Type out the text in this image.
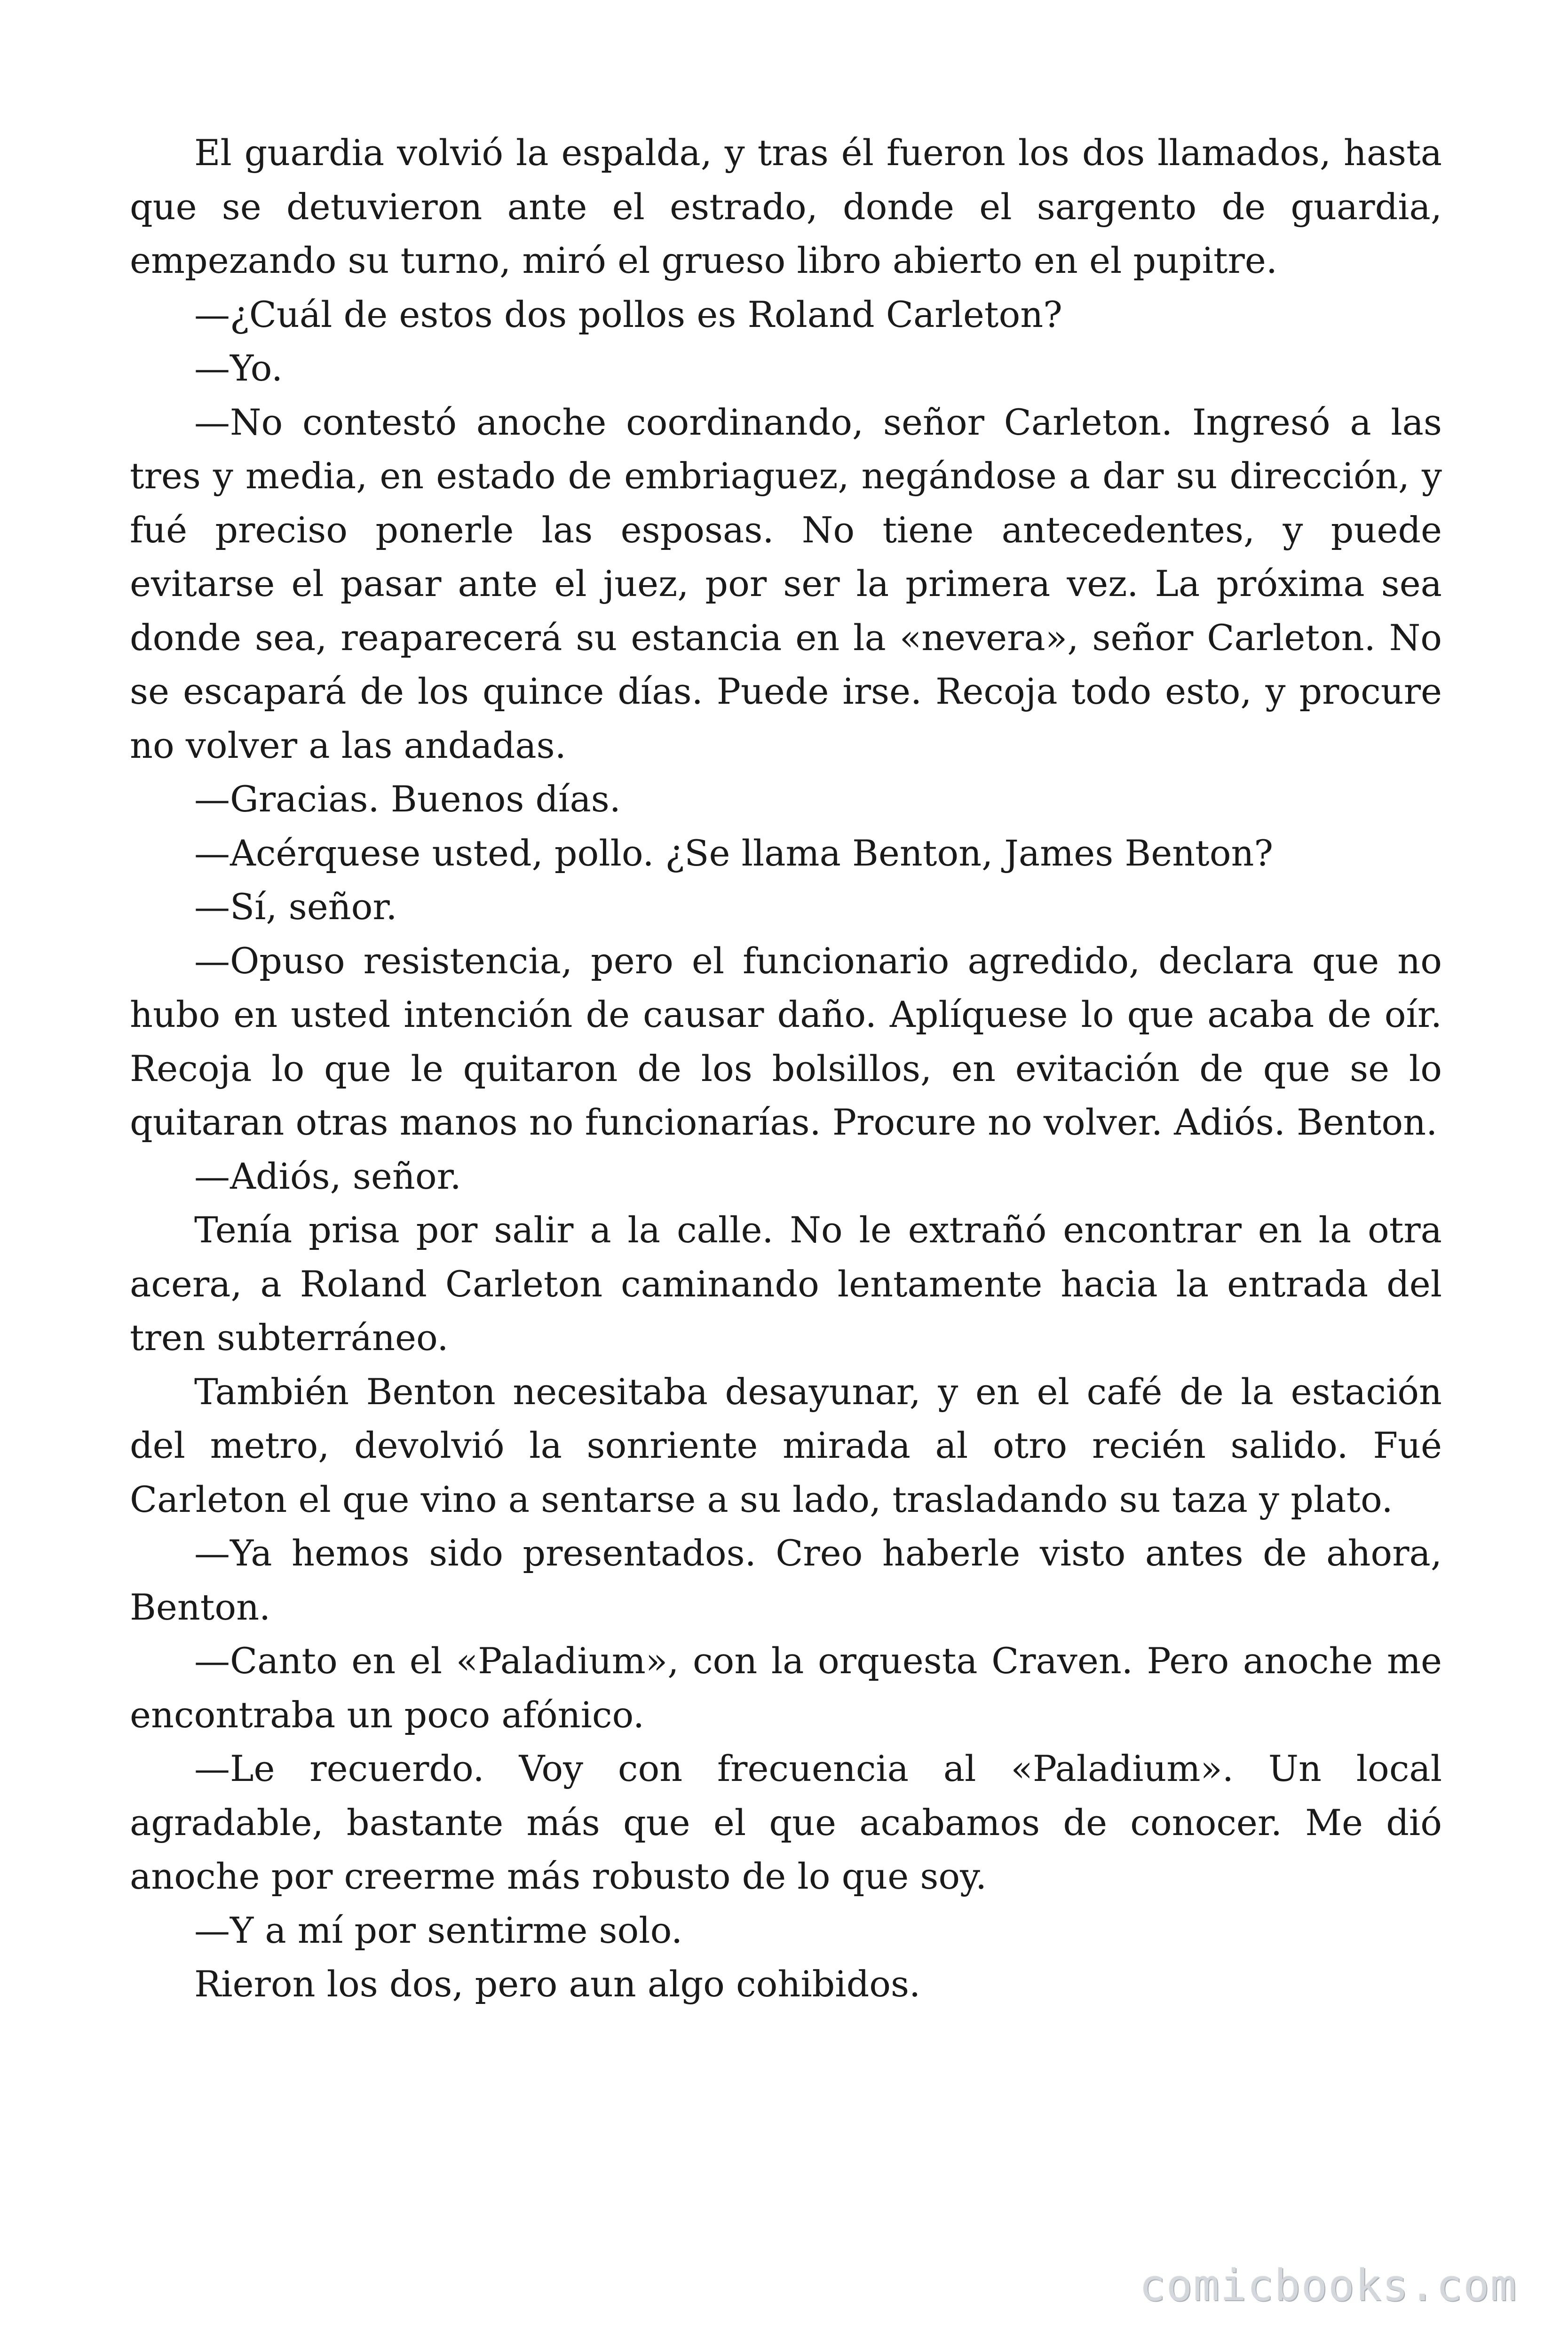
El guardia volvió la espalda, y tras él fueron los dos llamados, hasta que se detuvieron ante el estrado, donde el sargento de guardia, empezando su turno, miró el grueso libro abierto en el pupitre.

—¿Cuál de estos dos pollos es Roland Carleton?

—Yo.

—No contestó anoche coordinando, señor Carleton. Ingresó a las tres y media, en estado de embriaguez, negándose a dar su dirección, y fué preciso ponerle las esposas. No tiene antecedentes, y puede evitarse el pasar ante el juez, por ser la primera vez. La próxima sea donde sea, reaparecerá su estancia en la «nevera», señor Carleton. No se escapará de los quince días. Puede irse. Recoja todo esto, y procure no volver a las andadas.

—Gracias. Buenos días.

—Acérquese usted, pollo. ¿Se llama Benton, James Benton?

—Sí, señor.

—Opuso resistencia, pero el funcionario agredido, declara que no hubo en usted intención de causar daño. Aplíquese lo que acaba de oír. Recoja lo que le quitaron de los bolsillos, en evitación de que se lo quitaran otras manos no funcionarías. Procure no volver. Adiós. Benton.

—Adiós, señor.

Tenía prisa por salir a la calle. No le extrañó encontrar en la otra acera, a Roland Carleton caminando lentamente hacia la entrada del tren subterráneo.

También Benton necesitaba desayunar, y en el café de la estación del metro, devolvió la sonriente mirada al otro recién salido. Fué Carleton el que vino a sentarse a su lado, trasladando su taza y plato.

—Ya hemos sido presentados. Creo haberle visto antes de ahora, Benton.

—Canto en el «Paladium», con la orquesta Craven. Pero anoche me encontraba un poco afónico.

—Le recuerdo. Voy con frecuencia al «Paladium». Un local agradable, bastante más que el que acabamos de conocer. Me dió anoche por creerme más robusto de lo que soy.

—Y a mí por sentirme solo.

Rieron los dos, pero aun algo cohibidos.

comicbooks.com
